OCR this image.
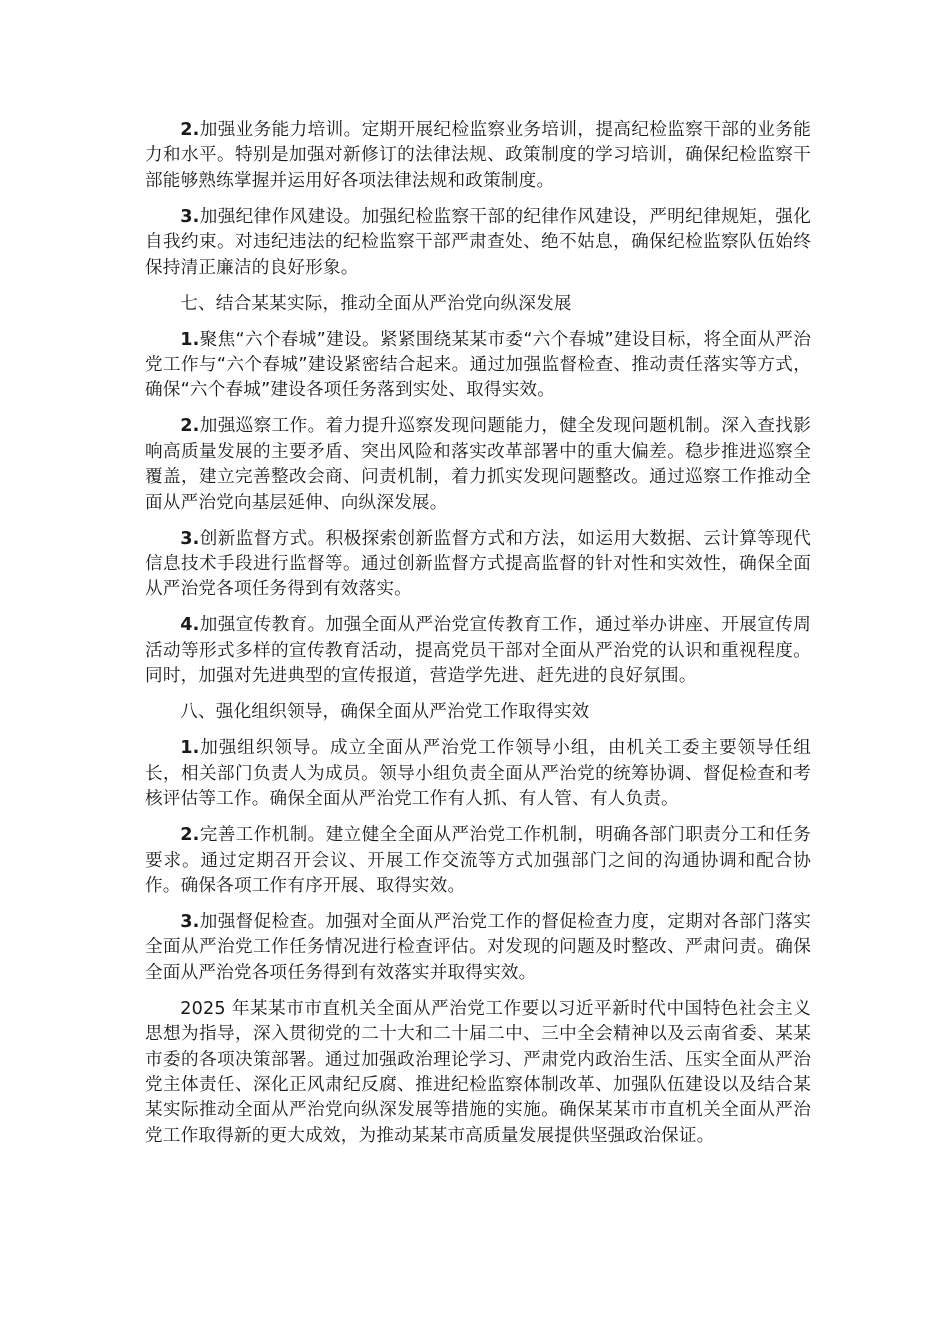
2.加强业务能力培训。定期开展纪检监察业务培训，提高纪检监察干部的业务能力和水平。特别是加强对新修订的法律法规、政策制度的学习培训，确保纪检监察干部能够熟练掌握并运用好各项法律法规和政策制度。

3.加强纪律作风建设。加强纪检监察干部的纪律作风建设，严明纪律规矩，强化自我约束。对违纪违法的纪检监察干部严肃查处、绝不姑息，确保纪检监察队伍始终保持清正廉洁的良好形象。

七、结合某某实际，推动全面从严治党向纵深发展

1.聚焦“六个春城”建设。紧紧围绕某某市委“六个春城”建设目标，将全面从严治党工作与“六个春城”建设紧密结合起来。通过加强监督检查、推动责任落实等方式，确保“六个春城”建设各项任务落到实处、取得实效。

2.加强巡察工作。着力提升巡察发现问题能力，健全发现问题机制。深入查找影响高质量发展的主要矛盾、突出风险和落实改革部署中的重大偏差。稳步推进巡察全覆盖，建立完善整改会商、问责机制，着力抓实发现问题整改。通过巡察工作推动全面从严治党向基层延伸、向纵深发展。

3.创新监督方式。积极探索创新监督方式和方法，如运用大数据、云计算等现代信息技术手段进行监督等。通过创新监督方式提高监督的针对性和实效性，确保全面从严治党各项任务得到有效落实。

4.加强宣传教育。加强全面从严治党宣传教育工作，通过举办讲座、开展宣传周活动等形式多样的宣传教育活动，提高党员干部对全面从严治党的认识和重视程度。同时，加强对先进典型的宣传报道，营造学先进、赶先进的良好氛围。

八、强化组织领导，确保全面从严治党工作取得实效

1.加强组织领导。成立全面从严治党工作领导小组，由机关工委主要领导任组长，相关部门负责人为成员。领导小组负责全面从严治党的统筹协调、督促检查和考核评估等工作。确保全面从严治党工作有人抓、有人管、有人负责。

2.完善工作机制。建立健全全面从严治党工作机制，明确各部门职责分工和任务要求。通过定期召开会议、开展工作交流等方式加强部门之间的沟通协调和配合协作。确保各项工作有序开展、取得实效。

3.加强督促检查。加强对全面从严治党工作的督促检查力度，定期对各部门落实全面从严治党工作任务情况进行检查评估。对发现的问题及时整改、严肃问责。确保全面从严治党各项任务得到有效落实并取得实效。

2025 年某某市市直机关全面从严治党工作要以习近平新时代中国特色社会主义思想为指导，深入贯彻党的二十大和二十届二中、三中全会精神以及云南省委、某某市委的各项决策部署。通过加强政治理论学习、严肃党内政治生活、压实全面从严治党主体责任、深化正风肃纪反腐、推进纪检监察体制改革、加强队伍建设以及结合某某实际推动全面从严治党向纵深发展等措施的实施。确保某某市市直机关全面从严治党工作取得新的更大成效，为推动某某市高质量发展提供坚强政治保证。
